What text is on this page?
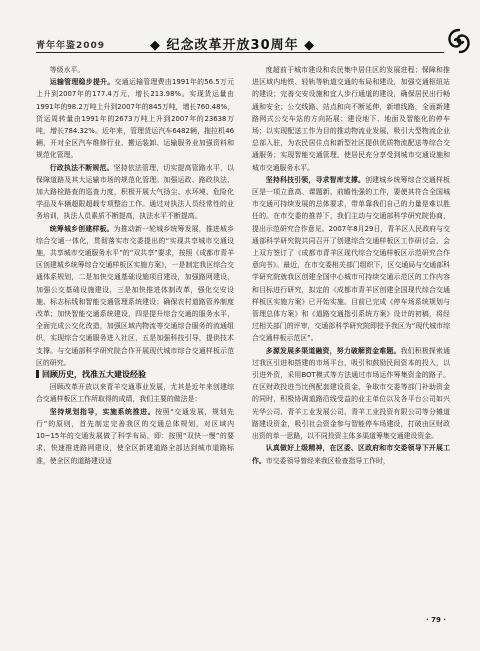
青年年鉴2009	◆ 纪念改革开放30周年 ◆

等级水平。

运输管理稳步提升。交通运输管理费由1991年的56.5万元上升到2007年的177.4万元，增长213.98%。实现货运量由1991年的98.2万吨上升到2007年的845万吨，增长760.48%，货运周转量由1991年的2673万吨上升到2007年的23638万吨，增长784.32%。近年来，管理货运汽车6482辆，拖拉机46辆，开对全区汽车维修行业、搬运装卸、运输服务业加强资料和规范化管理。

行政执法不断规范。坚持依法管理，切实提高管路水平，以保障道路及其大运输市场的规范化管理。加强运政、路政执法、加大路检路查的巡查力度，积极开展大气扬尘、水环境、危险化学品及车辆超限超载专项整治工作。通过对执法人员经常性的业务培训，执法人员素质不断提高，执法水平不断提高。

统筹城乡创建样板。为推动新一轮城乡统筹发展，推进城乡综合交通一体化，贯彻落实市交委提出的“实现共享城市交通设施，共享城市交通服务水平”的“双共享”要求，按照《成都市青羊区创建城乡统筹综合交通样板区实施方案》，一是制定我区综合交通体系规划，二是加快交通基础设施项目建设，加强路网建设，加强公交基础设施建设，三是加快推进体制改革，强化交安设施、标志标线和智能交通管理系统建设；确保农村道路管养制度改革；加快智能交通系统建设，四是提升综合交通的服务水平，全面完成公交化改造，加强区域内物流等交通综合服务的流通组织，实现综合交通服务进入社区，五是加强科技引导，提供技术支撑。与交通部科学研究院合作开展现代城市综合交通样板示范区的研究。

回顾历史，找准五大建设经验

回顾改革开放以来青羊交通事业发展，尤其是近年来创建综合交通样板区工作所取得的成绩，我们主要的做法是：

坚持规划指导，实施系统推进。按照“交通发展，规划先行”的原则，首先制定完善我区的交通总体规划，对区域内10~15年的交通发展做了科学布局，即：按照“双快一慢”的要求，快速推进路网建设，使全区新建道路全部达到城市道路标准，使全区的道路建设适

度超前于城市建设和农民集中居住区的发展进程；保障和推进区域内地铁、轻轨等轨道交通的布局和建设，加强交通枢纽站的建设；完善交安设施和宜人步行通道的建设，确保居民出行畅通和安全；公交线路、站点和向不断延伸，新增线路，全面新建路网式公交车站的方向拓展；建设地下、地面及智能化的停车场；以实现配送工作为目的推动物流业发展，吸引大型物流企业总部入驻，为农民居住点和新型社区提供优质物流配送等综合交通服务；实现智能交通管理，使居民充分享受到城市交通设施和城市交通服务水平。

坚持科技引领，寻求智库支撑。创建城乡统筹综合交通样板区是一项立意高、课题新、前瞻性强的工作，要使其符合全国城市交通可持续发展的总体要求，带单靠我们自己的力量是难以胜任的。在市交委的推荐下，我们主动与交通部科学研究院协商，提出示范研究合作意见。2007年8月29日，青羊区人民政府与交通部科学研究院共同召开了创建综合交通样板区工作研讨会，会上双方签订了《成都市青羊区现代综合交通样板区示范研究合作意向书》。最近，在市交委相关部门组织下，区交通局与交通部科学研究院就我区创建全国中心城市可持续交通示范区的工作内容和目标进行研究，拟定的《成都市青羊区创建全国现代综合交通样板区实施方案》已开始实施。目前已完成《停车场系统规划与管理总体方案》和《道路交通指引系统方案》设计的初稿，将经过相关部门的评审，交通部科学研究院即授予我区为“现代城市综合交通样板示范区”。

多源发展多渠道融资，努力破解资金难题。我们积极探索通过我区引进和搭建的市场平台，吸引和鼓励民间资本的投入，以引进外资，采用BOT模式等方法通过市场运作筹集资金的路子。在区财政投进当比例配套建设资金，争取市交委等部门补助资金的同时，积极协调道路沿线受益的业主单位以及各平台公司如兴光华公司、青羊工业发展公司、青羊工业投资有限公司等分摊道路建设资金，吸引社会资金参与智能停车场建设，打破由区财政出资的单一思路，以不同投资主体多渠道筹集交通建设资金。

认真做好上级精神，在区委、区政府和市交委领导下开展工作。市交委领导曾经来我区检查指导工作时，

· 79 ·
